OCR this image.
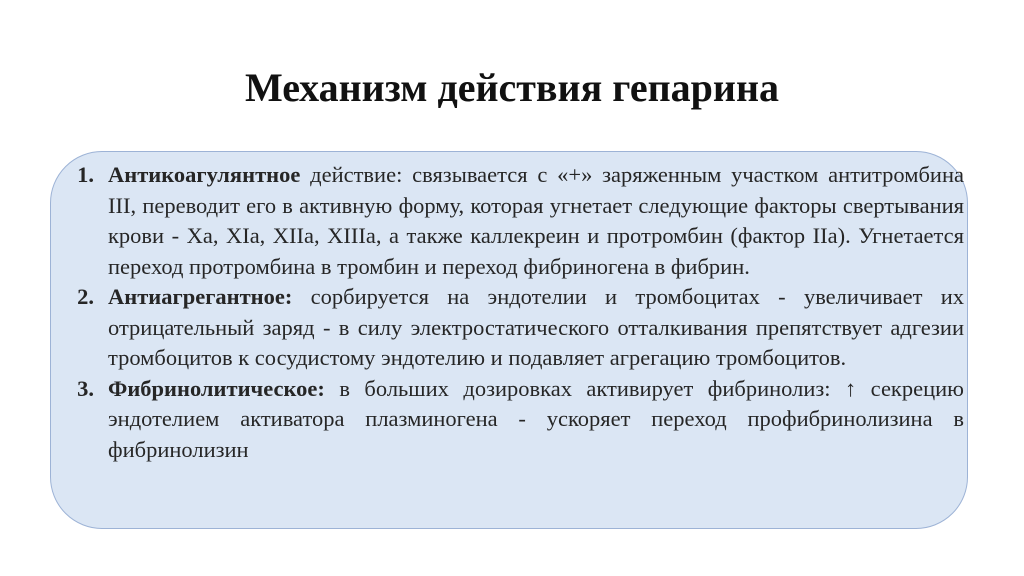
Механизм действия гепарина
1. Антикоагулянтное действие: связывается с «+» заряженным участком антитромбина III, переводит его в активную форму, которая угнетает следующие факторы свертывания крови - Xa, XIa, XIIa, XIIIa, а также каллекреин и протромбин (фактор IIa). Угнетается переход протромбина в тромбин и переход фибриногена в фибрин.
2. Антиагрегантное: сорбируется на эндотелии и тромбоцитах - увеличивает их отрицательный заряд - в силу электростатического отталкивания препятствует адгезии тромбоцитов к сосудистому эндотелию и подавляет агрегацию тромбоцитов.
3. Фибринолитическое: в больших дозировках активирует фибринолиз: ↑ секрецию эндотелием активатора плазминогена - ускоряет переход профибринолизина в фибринолизин
